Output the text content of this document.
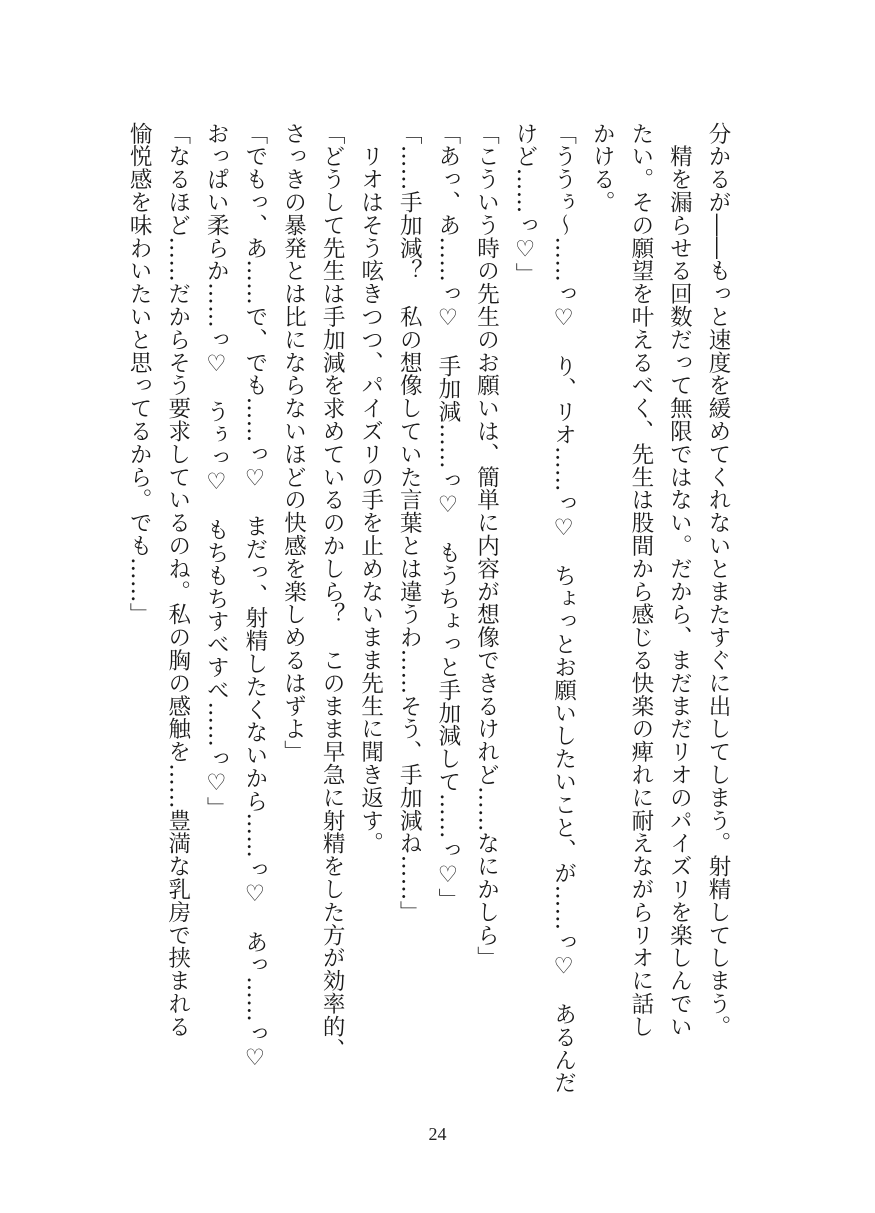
分かるが――もっと速度を緩めてくれないとまたすぐに出してしまう。射精してしまう。
　精を漏らせる回数だって無限ではない。だから、まだまだリオのパイズリを楽しんでい
たい。その願望を叶えるべく、先生は股間から感じる快楽の痺れに耐えながらリオに話し
かける。
「ううぅ～……っ♡　り、リオ……っ♡　ちょっとお願いしたいこと、が……っ♡　あるんだ
けど……っ♡」
「こういう時の先生のお願いは、簡単に内容が想像できるけれど……なにかしら」
「あっ、あ……っ♡　手加減……っ♡　もうちょっと手加減して……っ♡」
「……手加減？　私の想像していた言葉とは違うわ……そう、手加減ね……」
　リオはそう呟きつつ、パイズリの手を止めないまま先生に聞き返す。
「どうして先生は手加減を求めているのかしら？　このまま早急に射精をした方が効率的、
さっきの暴発とは比にならないほどの快感を楽しめるはずよ」
「でもっ、あ……で、でも……っ♡　まだっ、射精したくないから……っ♡　あっ……っ♡
おっぱい柔らか……っ♡　うぅっ♡　もちもちすべすべ……っ♡」
「なるほど……だからそう要求しているのね。私の胸の感触を……豊満な乳房で挟まれる
愉悦感を味わいたいと思ってるから。でも……」
24
